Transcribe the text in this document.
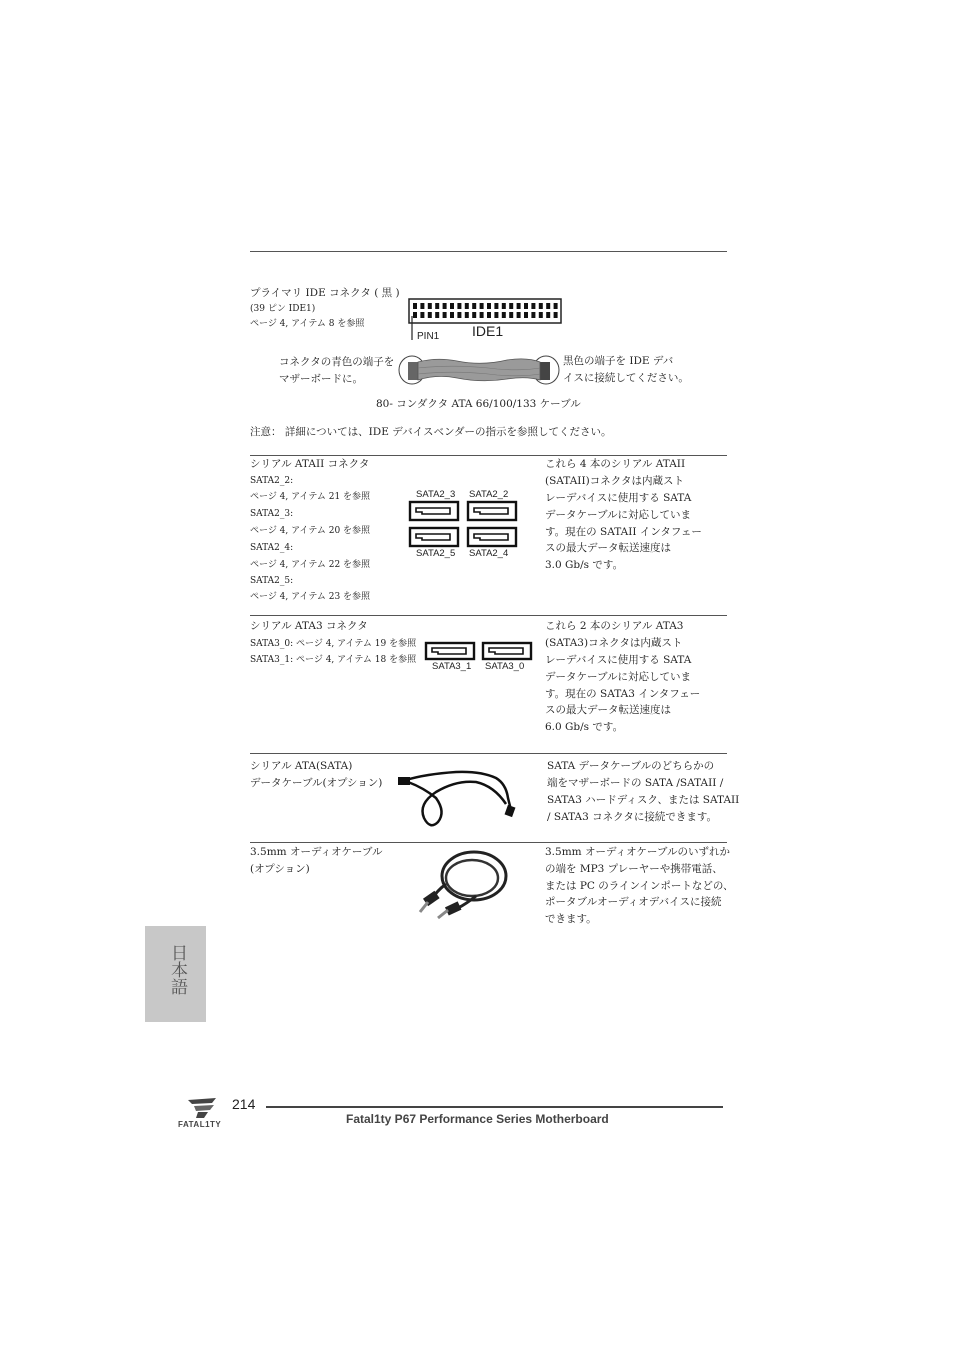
プライマリ IDE コネクタ ( 黒 )
(39 ピン IDE1)
ページ 4, アイテム 8 を参照
PIN1 IDE1
コネクタの青色の端子を
マザーボードに。
黒色の端子を IDE デバ
イスに接続してください。
80- コンダクタ ATA 66/100/133 ケーブル
注意： 詳細については、IDE デバイスベンダーの指示を参照してください。
シリアル ATAII コネクタ
SATA2_2:
ページ 4, アイテム 21 を参照
SATA2_3:
ページ 4, アイテム 20 を参照
SATA2_4:
ページ 4, アイテム 22 を参照
SATA2_5:
ページ 4, アイテム 23 を参照
SATA2_3 SATA2_2
SATA2_5 SATA2_4
これら 4 本のシリアル ATAII
(SATAII)コネクタは内蔵スト
レーデバイスに使用する SATA
データケーブルに対応していま
す。現在の SATAII インタフェー
スの最大データ転送速度は
3.0 Gb/s です。
シリアル ATA3 コネクタ
SATA3_0: ページ 4, アイテム 19 を参照
SATA3_1: ページ 4, アイテム 18 を参照
SATA3_1 SATA3_0
これら 2 本のシリアル ATA3
(SATA3)コネクタは内蔵スト
レーデバイスに使用する SATA
データケーブルに対応していま
す。現在の SATA3 インタフェー
スの最大データ転送速度は
6.0 Gb/s です。
シリアル ATA(SATA)
データケーブル(オプション)
SATA データケーブルのどちらかの
端をマザーボードの SATA /SATAII /
SATA3 ハードディスク、または SATAII
/ SATA3 コネクタに接続できます。
3.5mm オーディオケーブル
(オプション)
3.5mm オーディオケーブルのいずれか
の端を MP3 プレーヤーや携帯電話、
または PC のラインインポートなどの、
ポータブルオーディオデバイスに接続
できます。
日本語
FATAL1TY
214
Fatal1ty P67 Performance Series Motherboard
